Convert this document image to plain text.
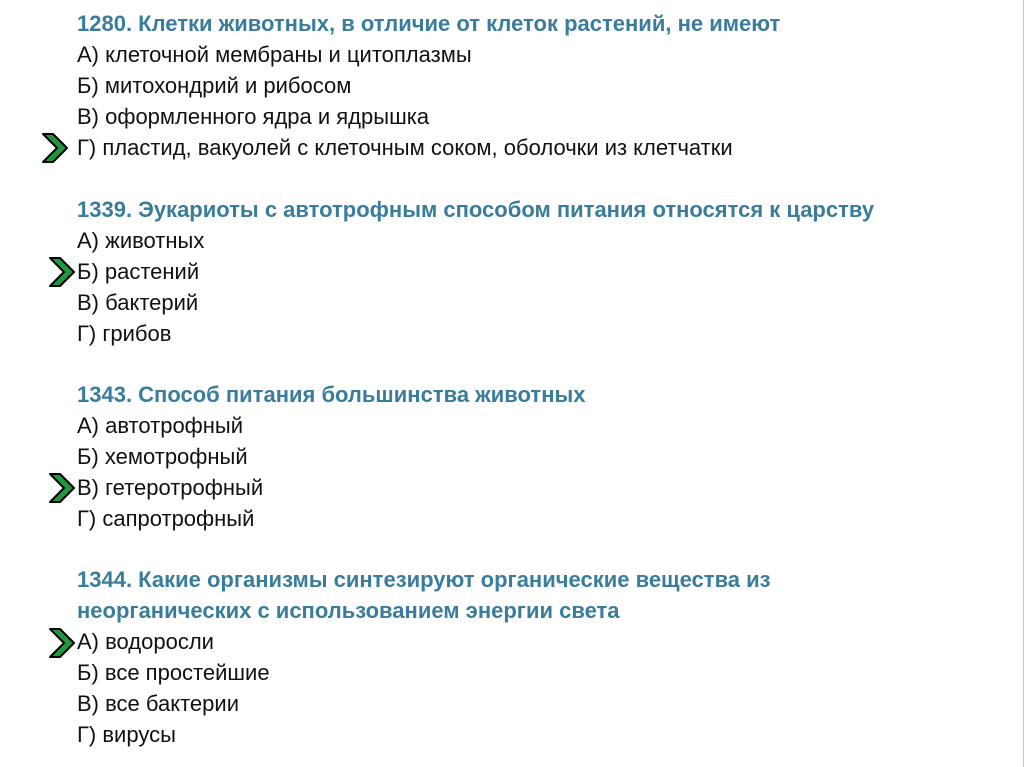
1280. Клетки животных, в отличие от клеток растений, не имеют

А) клеточной мембраны и цитоплазмы
Б) митохондрий и рибосом
В) оформленного ядра и ядрышка
Г) пластид, вакуолей с клеточным соком, оболочки из клетчатки

1339. Эукариоты с автотрофным способом питания относятся к царству

А) животных
Б) растений
В) бактерий
Г) грибов

1343. Способ питания большинства животных

А) автотрофный
Б) хемотрофный
В) гетеротрофный
Г) сапротрофный

1344. Какие организмы синтезируют органические вещества из
неорганических с использованием энергии света

А) водоросли
Б) все простейшие
В) все бактерии
Г) вирусы
